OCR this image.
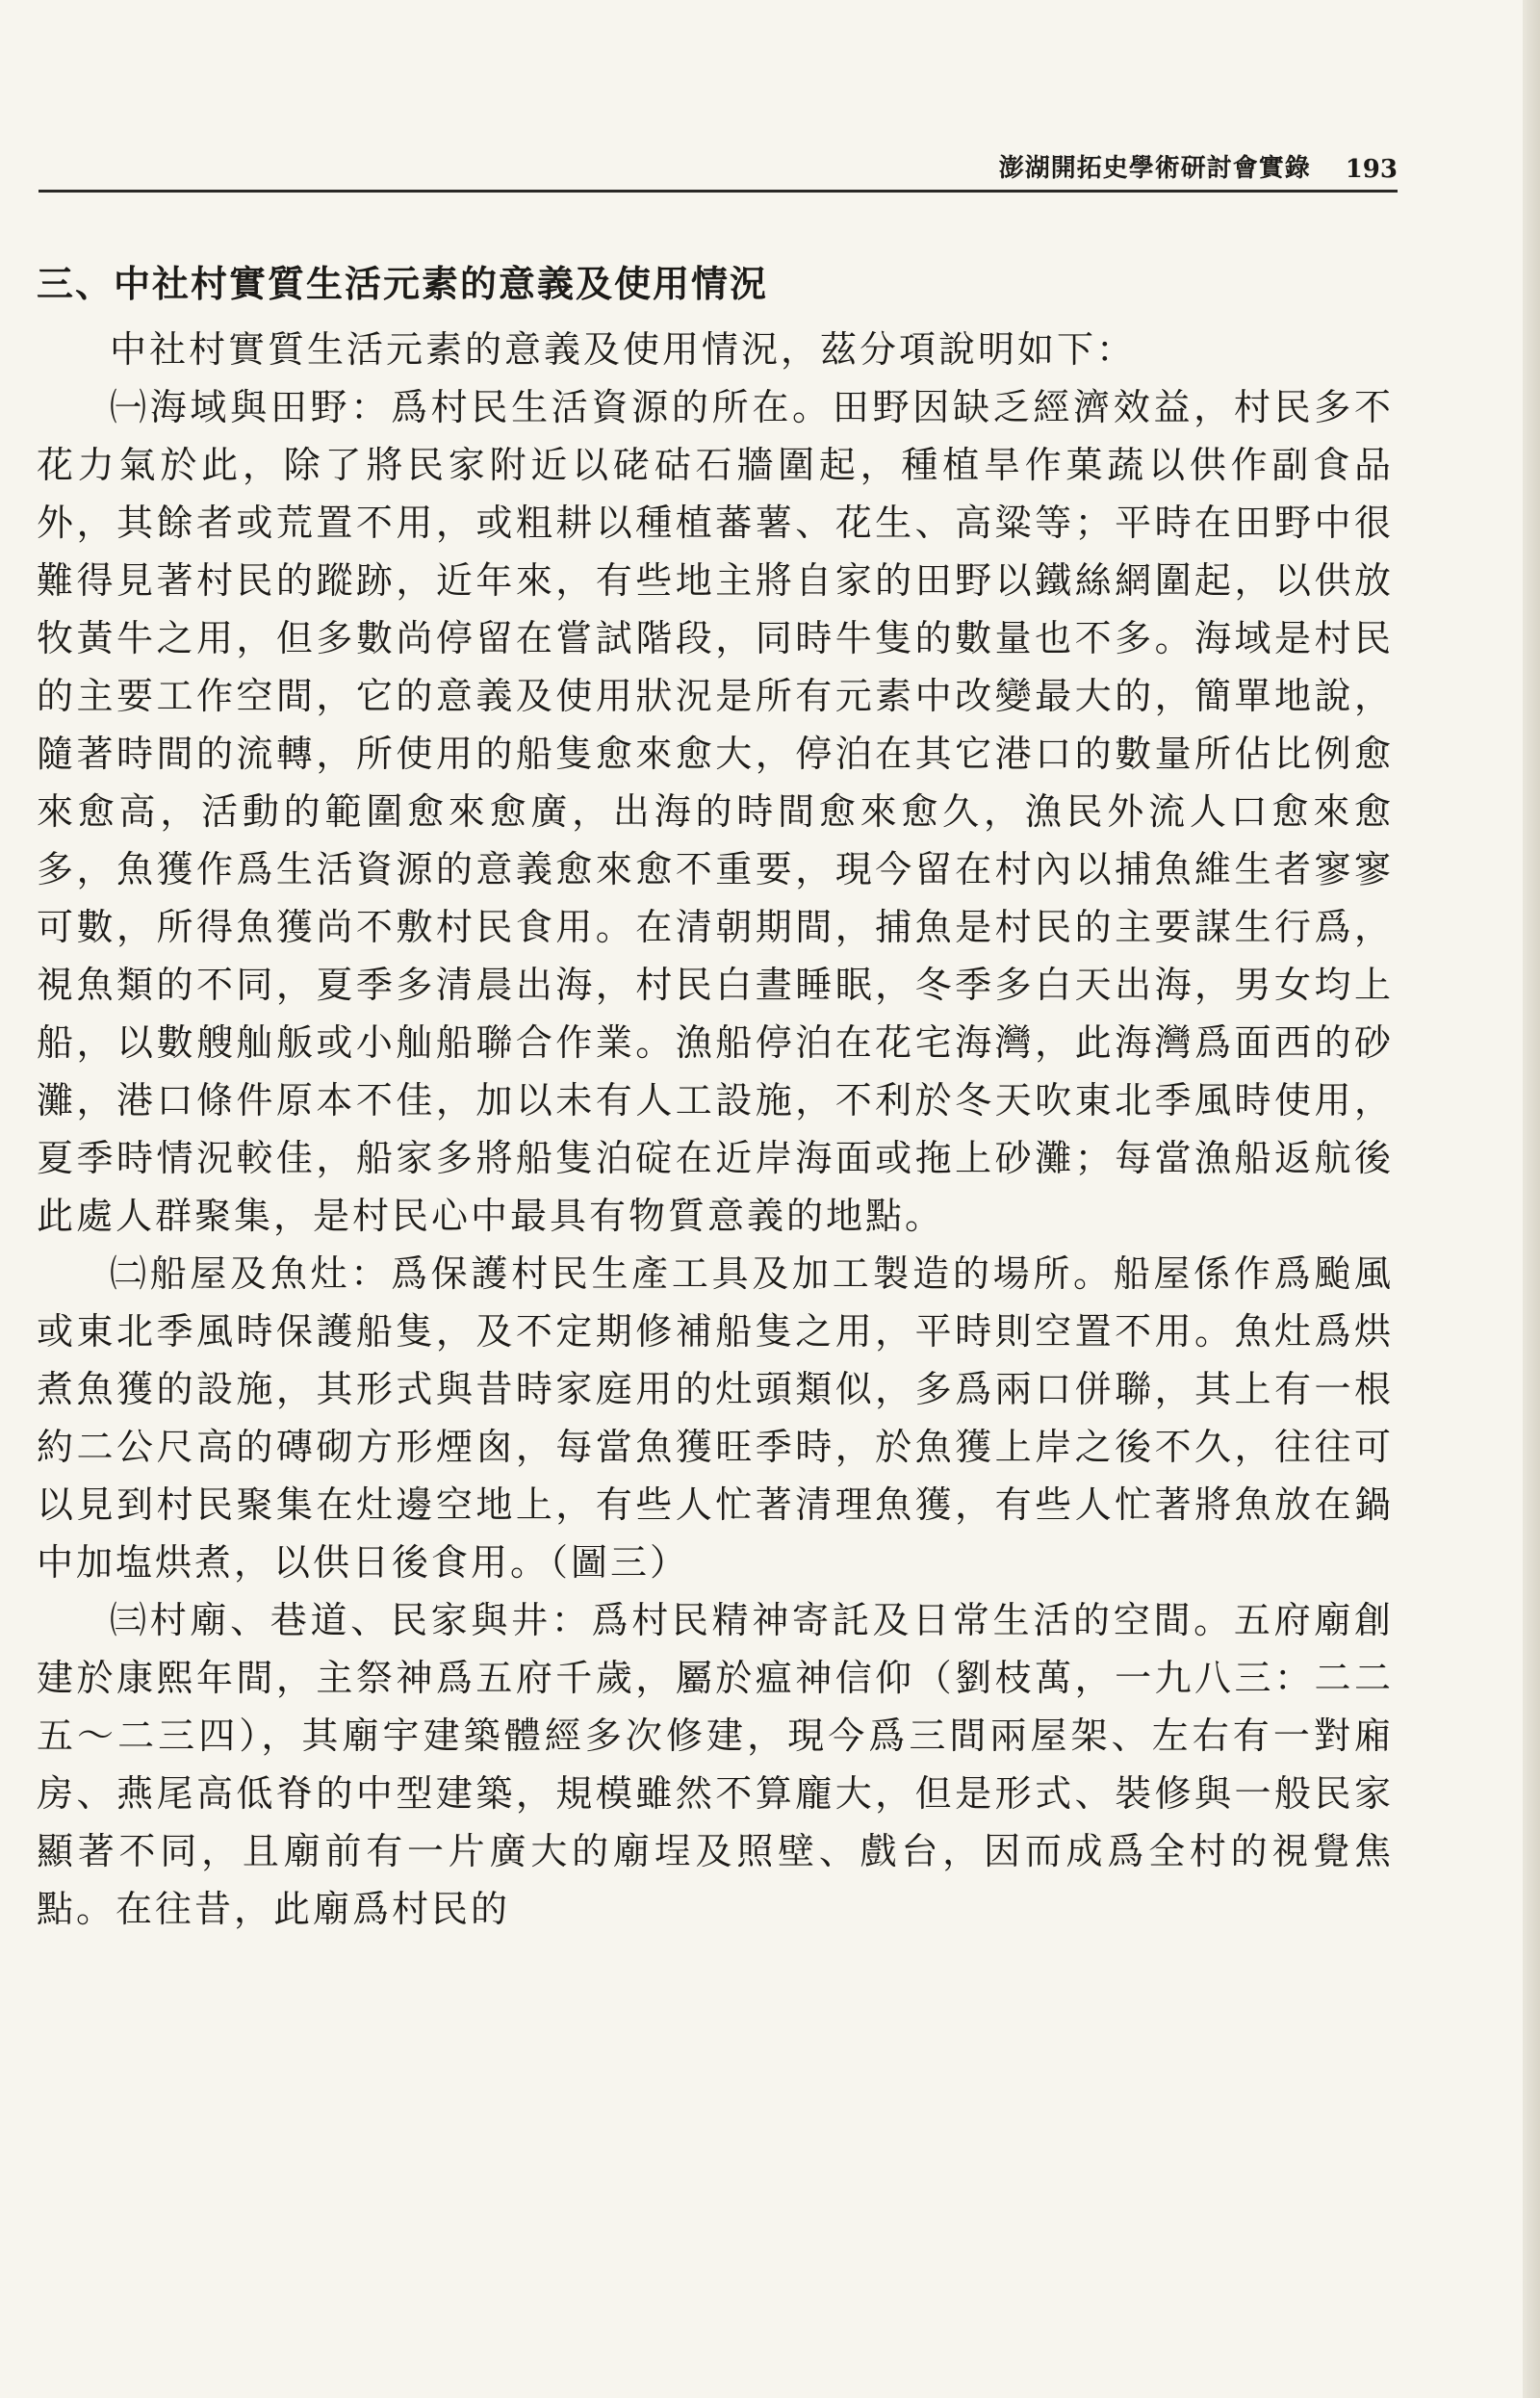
澎湖開拓史學術研討會實錄 193
三、中社村實質生活元素的意義及使用情況

中社村實質生活元素的意義及使用情況，茲分項說明如下：

㈠海域與田野：爲村民生活資源的所在。田野因缺乏經濟效益，村民多不花力氣於此，除了將民家附近以硓𥑮石牆圍起，種植旱作菓蔬以供作副食品外，其餘者或荒置不用，或粗耕以種植蕃薯、花生、高粱等；平時在田野中很難得見著村民的蹤跡，近年來，有些地主將自家的田野以鐵絲網圍起，以供放牧黃牛之用，但多數尚停留在嘗試階段，同時牛隻的數量也不多。海域是村民的主要工作空間，它的意義及使用狀況是所有元素中改變最大的，簡單地說，隨著時間的流轉，所使用的船隻愈來愈大，停泊在其它港口的數量所佔比例愈來愈高，活動的範圍愈來愈廣，出海的時間愈來愈久，漁民外流人口愈來愈多，魚獲作爲生活資源的意義愈來愈不重要，現今留在村內以捕魚維生者寥寥可數，所得魚獲尚不敷村民食用。在清朝期間，捕魚是村民的主要謀生行爲，視魚類的不同，夏季多清晨出海，村民白晝睡眠，冬季多白天出海，男女均上船，以數艘舢舨或小舢船聯合作業。漁船停泊在花宅海灣，此海灣爲面西的砂灘，港口條件原本不佳，加以未有人工設施，不利於冬天吹東北季風時使用，夏季時情況較佳，船家多將船隻泊碇在近岸海面或拖上砂灘；每當漁船返航後此處人群聚集，是村民心中最具有物質意義的地點。

㈡船屋及魚灶：爲保護村民生產工具及加工製造的場所。船屋係作爲颱風或東北季風時保護船隻，及不定期修補船隻之用，平時則空置不用。魚灶爲烘煮魚獲的設施，其形式與昔時家庭用的灶頭類似，多爲兩口併聯，其上有一根約二公尺高的磚砌方形煙囪，每當魚獲旺季時，於魚獲上岸之後不久，往往可以見到村民聚集在灶邊空地上，有些人忙著清理魚獲，有些人忙著將魚放在鍋中加塩烘煮，以供日後食用。（圖三）

㈢村廟、巷道、民家與井：爲村民精神寄託及日常生活的空間。五府廟創建於康熙年間，主祭神爲五府千歲，屬於瘟神信仰（劉枝萬，一九八三：二二五～二三四），其廟宇建築體經多次修建，現今爲三間兩屋架、左右有一對廂房、燕尾高低脊的中型建築，規模雖然不算龐大，但是形式、裝修與一般民家顯著不同，且廟前有一片廣大的廟埕及照壁、戲台，因而成爲全村的視覺焦點。在往昔，此廟爲村民的
